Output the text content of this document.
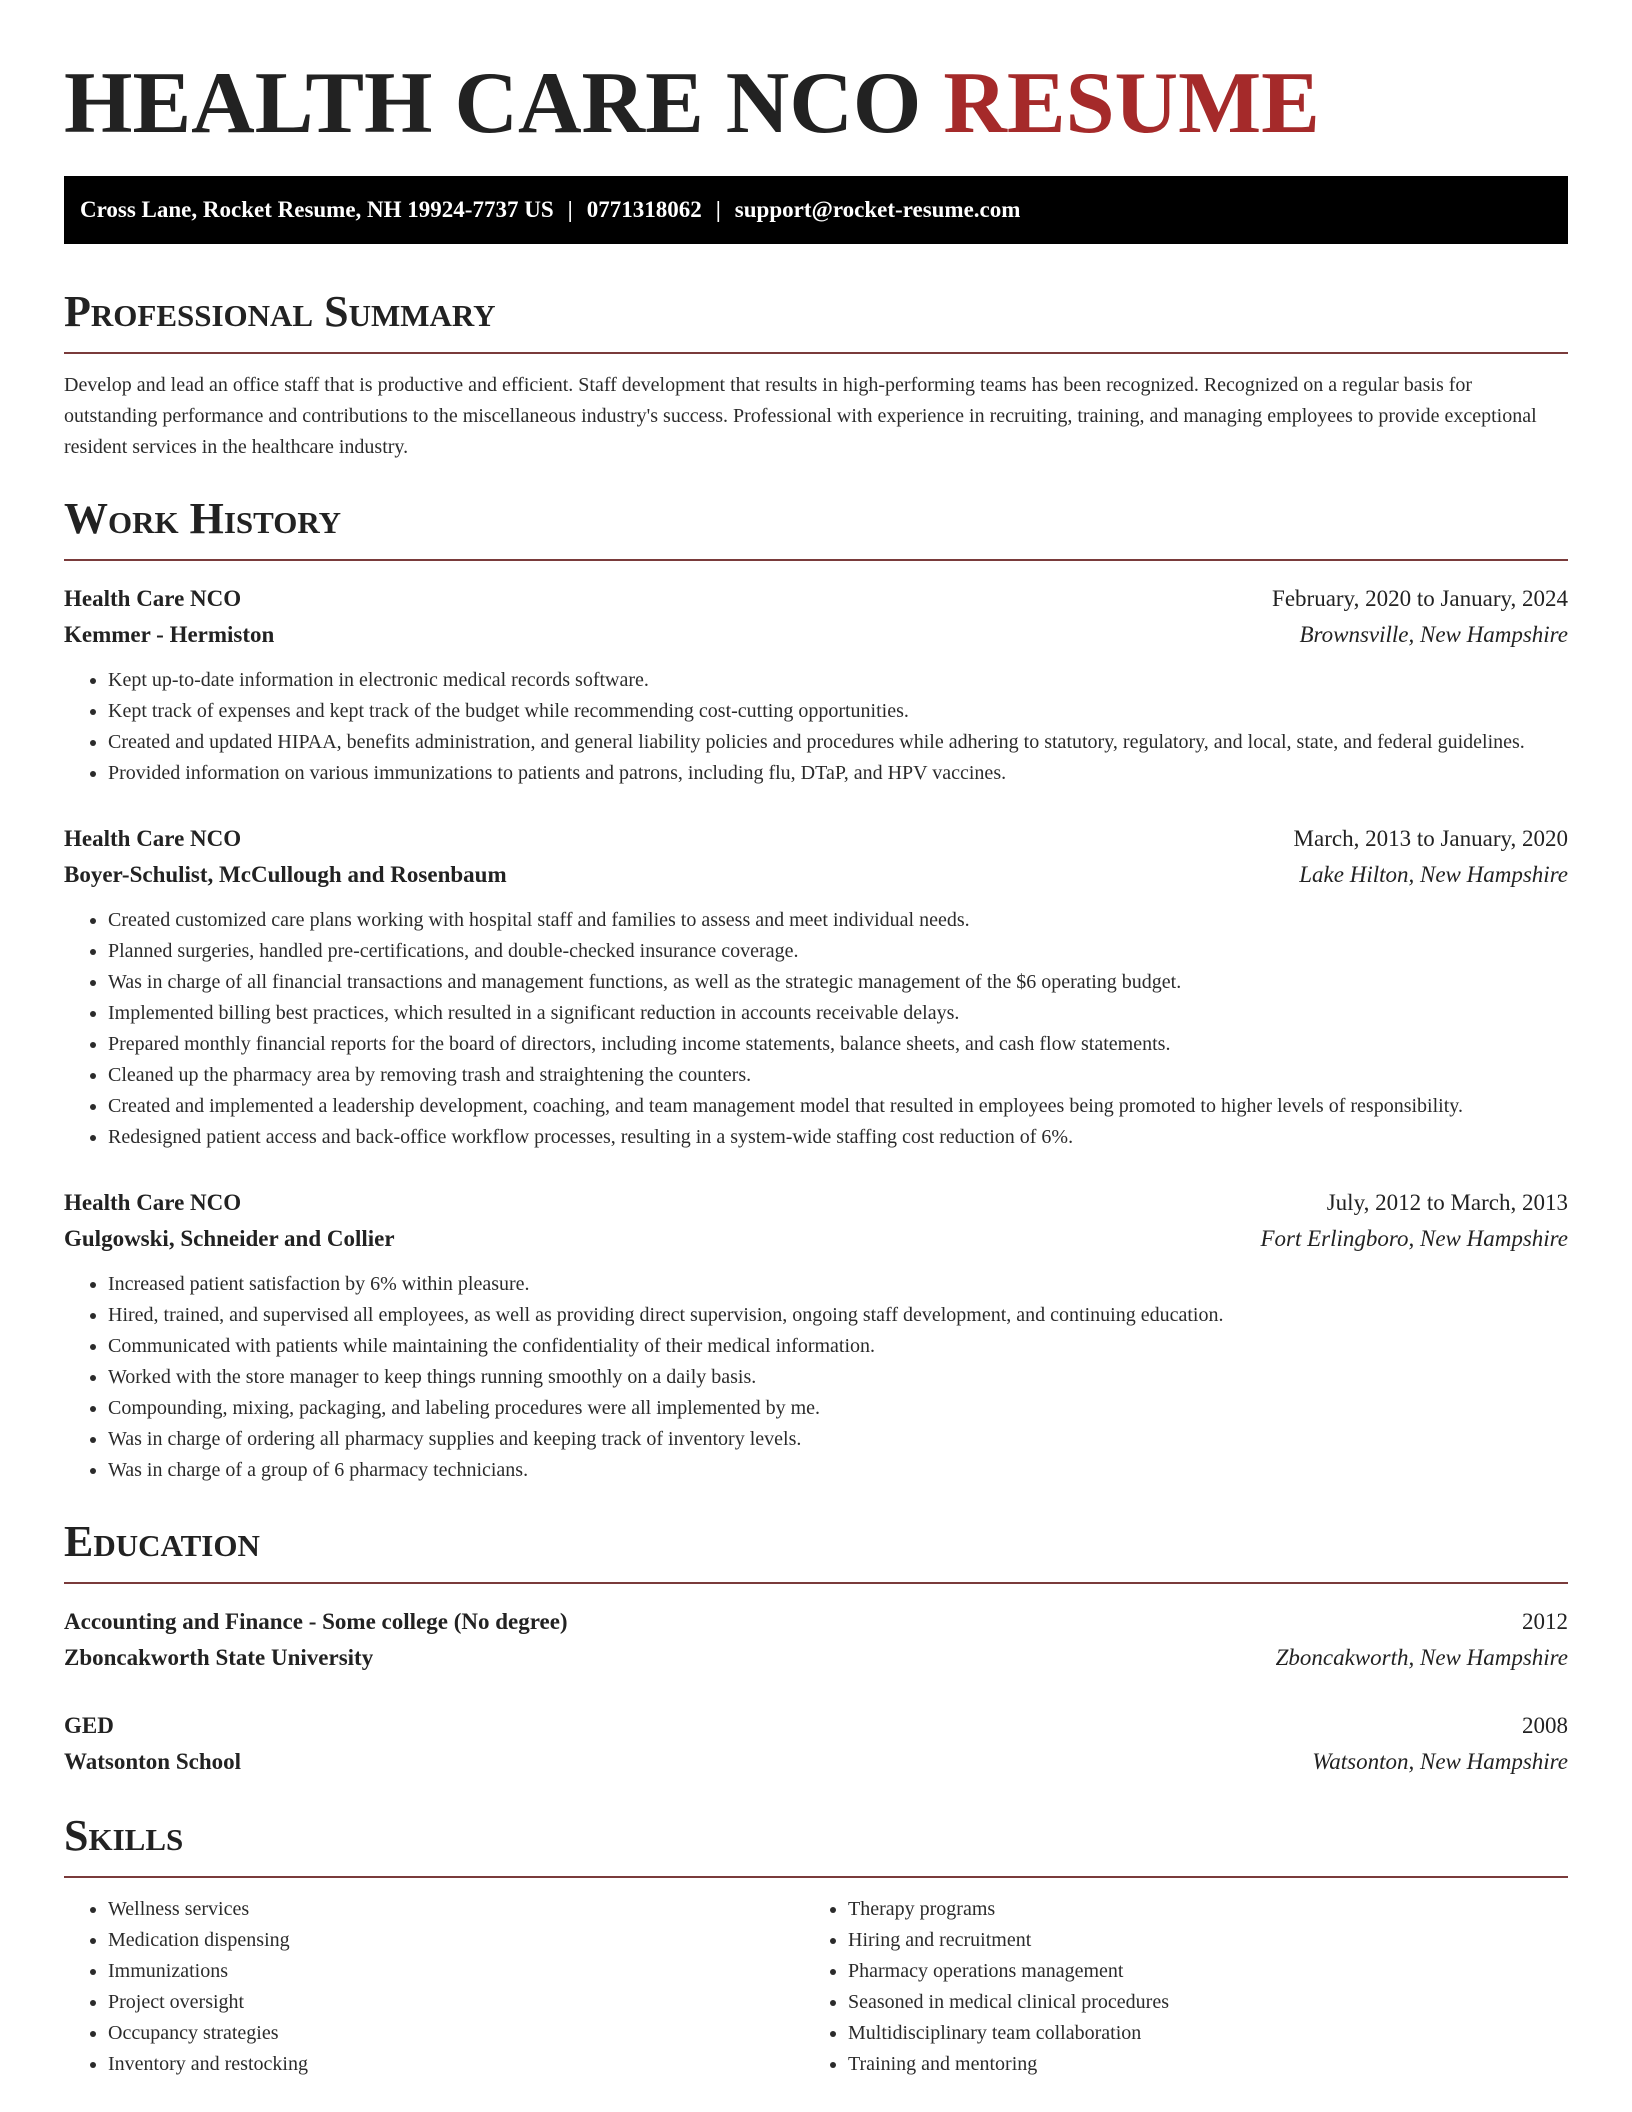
HEALTH CARE NCO RESUME
Cross Lane, Rocket Resume, NH 19924-7737 US | 0771318062 | support@rocket-resume.com
Professional Summary

Develop and lead an office staff that is productive and efficient. Staff development that results in high-performing teams has been recognized. Recognized on a regular basis for outstanding performance and contributions to the miscellaneous industry's success. Professional with experience in recruiting, training, and managing employees to provide exceptional resident services in the healthcare industry.

Work History
Health Care NCO	February, 2020 to January, 2024
Kemmer - Hermiston	Brownsville, New Hampshire
• Kept up-to-date information in electronic medical records software.
• Kept track of expenses and kept track of the budget while recommending cost-cutting opportunities.
• Created and updated HIPAA, benefits administration, and general liability policies and procedures while adhering to statutory, regulatory, and local, state, and federal guidelines.
• Provided information on various immunizations to patients and patrons, including flu, DTaP, and HPV vaccines.
Health Care NCO	March, 2013 to January, 2020
Boyer-Schulist, McCullough and Rosenbaum	Lake Hilton, New Hampshire
• Created customized care plans working with hospital staff and families to assess and meet individual needs.
• Planned surgeries, handled pre-certifications, and double-checked insurance coverage.
• Was in charge of all financial transactions and management functions, as well as the strategic management of the $6 operating budget.
• Implemented billing best practices, which resulted in a significant reduction in accounts receivable delays.
• Prepared monthly financial reports for the board of directors, including income statements, balance sheets, and cash flow statements.
• Cleaned up the pharmacy area by removing trash and straightening the counters.
• Created and implemented a leadership development, coaching, and team management model that resulted in employees being promoted to higher levels of responsibility.
• Redesigned patient access and back-office workflow processes, resulting in a system-wide staffing cost reduction of 6%.
Health Care NCO	July, 2012 to March, 2013
Gulgowski, Schneider and Collier	Fort Erlingboro, New Hampshire
• Increased patient satisfaction by 6% within pleasure.
• Hired, trained, and supervised all employees, as well as providing direct supervision, ongoing staff development, and continuing education.
• Communicated with patients while maintaining the confidentiality of their medical information.
• Worked with the store manager to keep things running smoothly on a daily basis.
• Compounding, mixing, packaging, and labeling procedures were all implemented by me.
• Was in charge of ordering all pharmacy supplies and keeping track of inventory levels.
• Was in charge of a group of 6 pharmacy technicians.
Education
Accounting and Finance - Some college (No degree)	2012
Zboncakworth State University	Zboncakworth, New Hampshire
GED	2008
Watsonton School	Watsonton, New Hampshire
Skills
• Wellness services
• Medication dispensing
• Immunizations
• Project oversight
• Occupancy strategies
• Inventory and restocking
• Therapy programs
• Hiring and recruitment
• Pharmacy operations management
• Seasoned in medical clinical procedures
• Multidisciplinary team collaboration
• Training and mentoring
